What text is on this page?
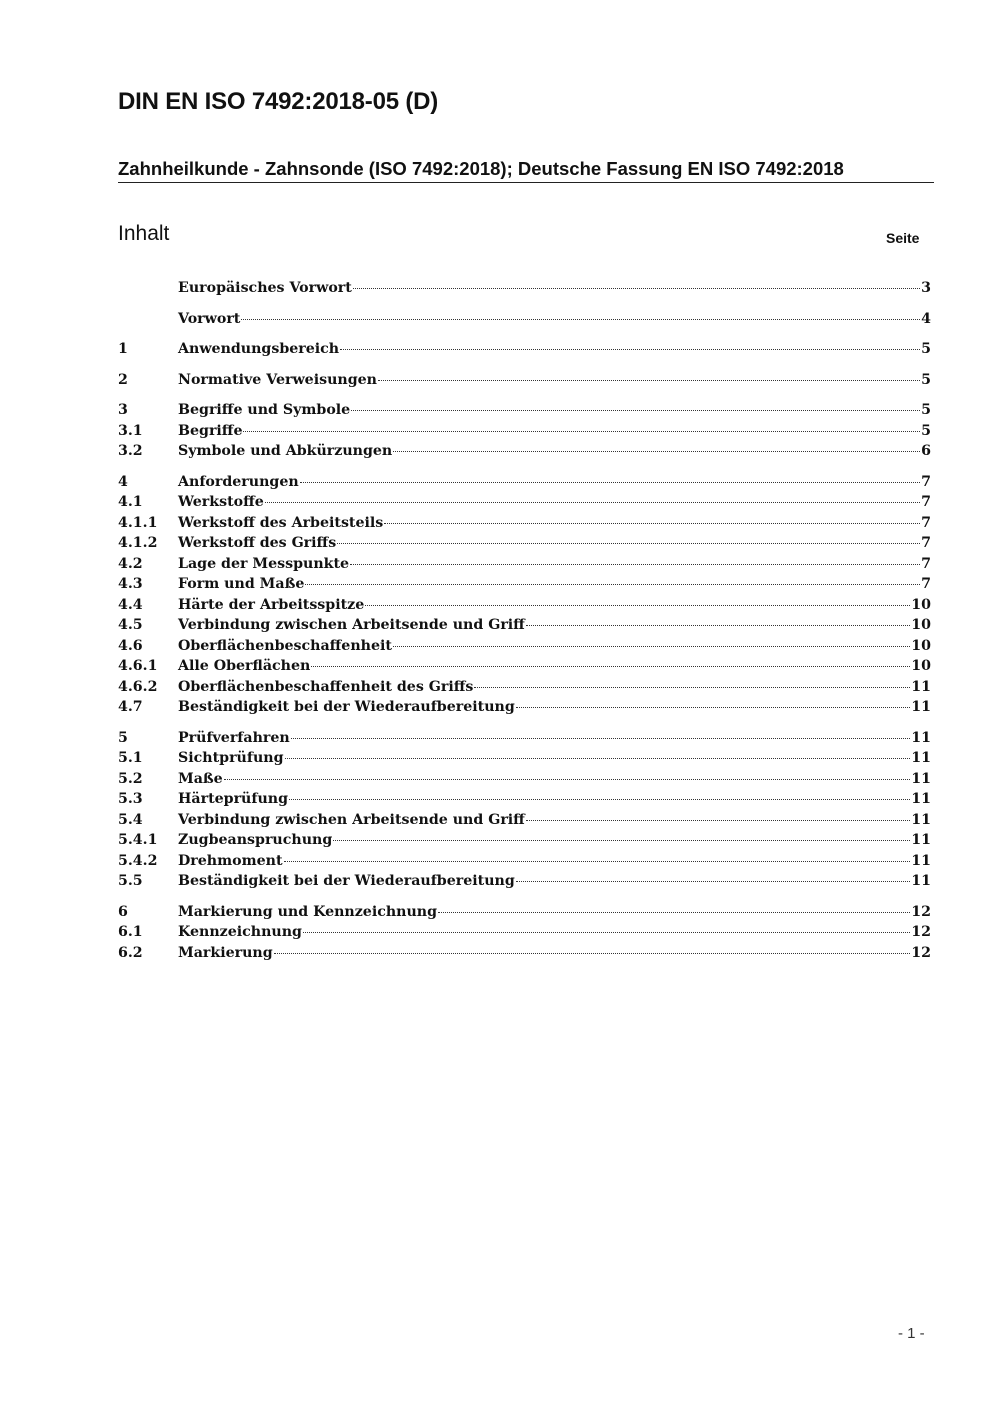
DIN EN ISO 7492:2018-05 (D)
Zahnheilkunde - Zahnsonde (ISO 7492:2018); Deutsche Fassung EN ISO 7492:2018
Inhalt	Seite
Europäisches Vorwort	3
Vorwort	4
1	Anwendungsbereich	5
2	Normative Verweisungen	5
3	Begriffe und Symbole	5
3.1	Begriffe	5
3.2	Symbole und Abkürzungen	6
4	Anforderungen	7
4.1	Werkstoffe	7
4.1.1	Werkstoff des Arbeitsteils	7
4.1.2	Werkstoff des Griffs	7
4.2	Lage der Messpunkte	7
4.3	Form und Maße	7
4.4	Härte der Arbeitsspitze	10
4.5	Verbindung zwischen Arbeitsende und Griff	10
4.6	Oberflächenbeschaffenheit	10
4.6.1	Alle Oberflächen	10
4.6.2	Oberflächenbeschaffenheit des Griffs	11
4.7	Beständigkeit bei der Wiederaufbereitung	11
5	Prüfverfahren	11
5.1	Sichtprüfung	11
5.2	Maße	11
5.3	Härteprüfung	11
5.4	Verbindung zwischen Arbeitsende und Griff	11
5.4.1	Zugbeanspruchung	11
5.4.2	Drehmoment	11
5.5	Beständigkeit bei der Wiederaufbereitung	11
6	Markierung und Kennzeichnung	12
6.1	Kennzeichnung	12
6.2	Markierung	12
- 1 -
